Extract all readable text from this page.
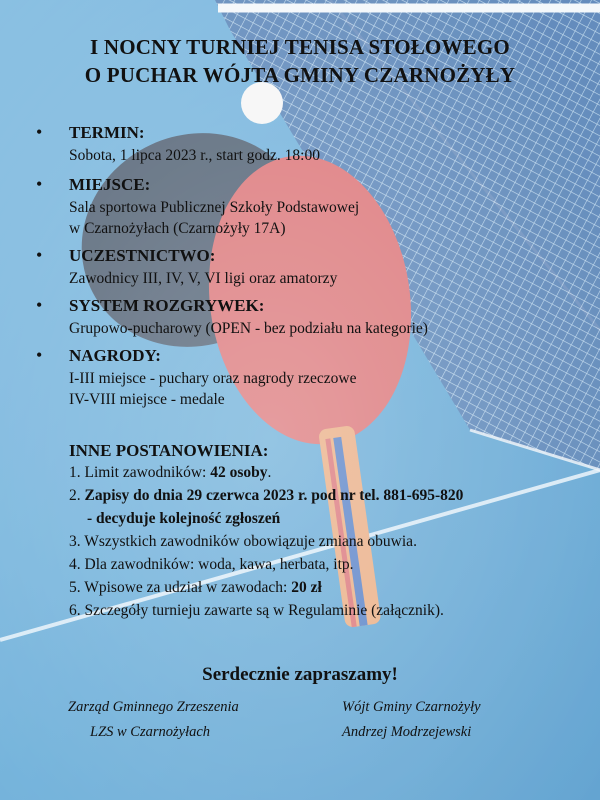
I NOCNY TURNIEJ TENISA STOŁOWEGO
O PUCHAR WÓJTA GMINY CZARNOŻYŁY
• TERMIN:
Sobota, 1 lipca 2023 r., start godz. 18:00
• MIEJSCE:
Sala sportowa Publicznej Szkoły Podstawowej
w Czarnożyłach (Czarnożyły 17A)
• UCZESTNICTWO:
Zawodnicy III, IV, V, VI ligi oraz amatorzy
• SYSTEM ROZGRYWEK:
Grupowo-pucharowy (OPEN - bez podziału na kategorie)
• NAGRODY:
I-III miejsce - puchary oraz nagrody rzeczowe
IV-VIII miejsce - medale
INNE POSTANOWIENIA:
1. Limit zawodników: 42 osoby.
2. Zapisy do dnia 29 czerwca 2023 r. pod nr tel. 881-695-820
- decyduje kolejność zgłoszeń
3. Wszystkich zawodników obowiązuje zmiana obuwia.
4. Dla zawodników: woda, kawa, herbata, itp.
5. Wpisowe za udział w zawodach: 20 zł
6. Szczegóły turnieju zawarte są w Regulaminie (załącznik).
Serdecznie zapraszamy!
Zarząd Gminnego Zrzeszenia
LZS w Czarnożyłach
Wójt Gminy Czarnożyły
Andrzej Modrzejewski
